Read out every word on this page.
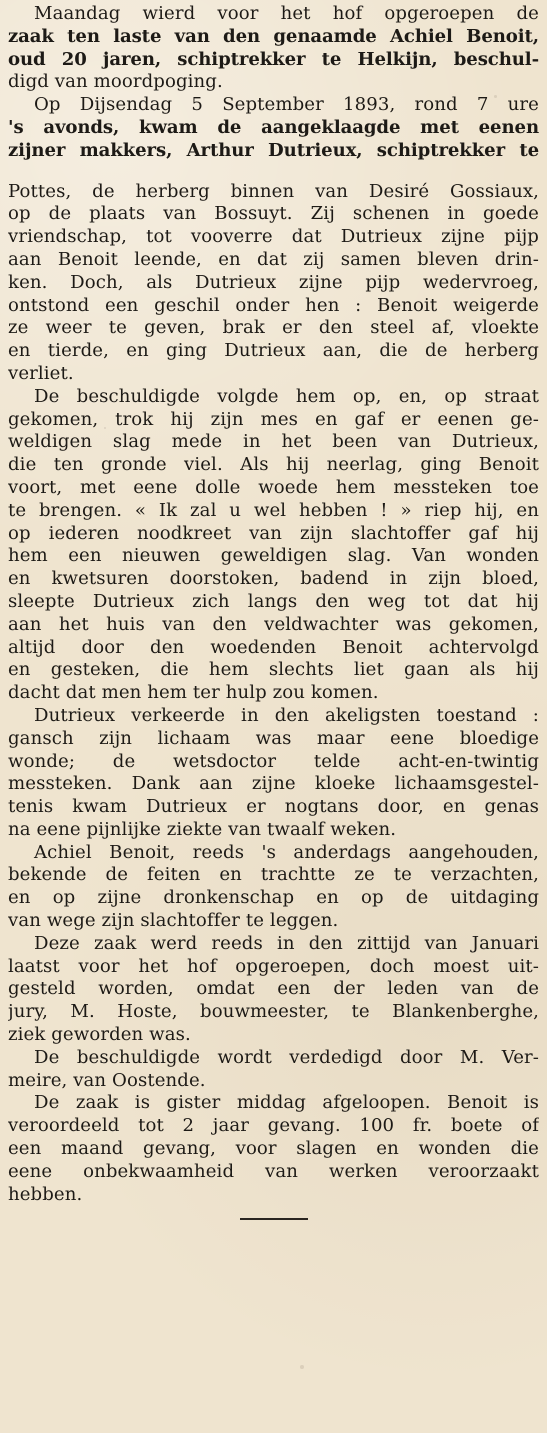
Maandag wierd voor het hof opgeroepen de
zaak ten laste van den genaamde Achiel Benoit,
oud 20 jaren, schiptrekker te Helkijn, beschul-
digd van moordpoging.
Op Dijsendag 5 September 1893, rond 7 ure
's avonds, kwam de aangeklaagde met eenen
zijner makkers, Arthur Dutrieux, schiptrekker te
Pottes, de herberg binnen van Desiré Gossiaux,
op de plaats van Bossuyt. Zij schenen in goede
vriendschap, tot vooverre dat Dutrieux zijne pijp
aan Benoit leende, en dat zij samen bleven drin-
ken. Doch, als Dutrieux zijne pijp wedervroeg,
ontstond een geschil onder hen : Benoit weigerde
ze weer te geven, brak er den steel af, vloekte
en tierde, en ging Dutrieux aan, die de herberg
verliet.
De beschuldigde volgde hem op, en, op straat
gekomen, trok hij zijn mes en gaf er eenen ge-
weldigen slag mede in het been van Dutrieux,
die ten gronde viel. Als hij neerlag, ging Benoit
voort, met eene dolle woede hem messteken toe
te brengen. « Ik zal u wel hebben ! » riep hij, en
op iederen noodkreet van zijn slachtoffer gaf hij
hem een nieuwen geweldigen slag. Van wonden
en kwetsuren doorstoken, badend in zijn bloed,
sleepte Dutrieux zich langs den weg tot dat hij
aan het huis van den veldwachter was gekomen,
altijd door den woedenden Benoit achtervolgd
en gesteken, die hem slechts liet gaan als hij
dacht dat men hem ter hulp zou komen.
Dutrieux verkeerde in den akeligsten toestand :
gansch zijn lichaam was maar eene bloedige
wonde; de wetsdoctor telde acht-en-twintig
messteken. Dank aan zijne kloeke lichaamsgestel-
tenis kwam Dutrieux er nogtans door, en genas
na eene pijnlijke ziekte van twaalf weken.
Achiel Benoit, reeds 's anderdags aangehouden,
bekende de feiten en trachtte ze te verzachten,
en op zijne dronkenschap en op de uitdaging
van wege zijn slachtoffer te leggen.
Deze zaak werd reeds in den zittijd van Januari
laatst voor het hof opgeroepen, doch moest uit-
gesteld worden, omdat een der leden van de
jury, M. Hoste, bouwmeester, te Blankenberghe,
ziek geworden was.
De beschuldigde wordt verdedigd door M. Ver-
meire, van Oostende.
De zaak is gister middag afgeloopen. Benoit is
veroordeeld tot 2 jaar gevang. 100 fr. boete of
een maand gevang, voor slagen en wonden die
eene onbekwaamheid van werken veroorzaakt
hebben.
